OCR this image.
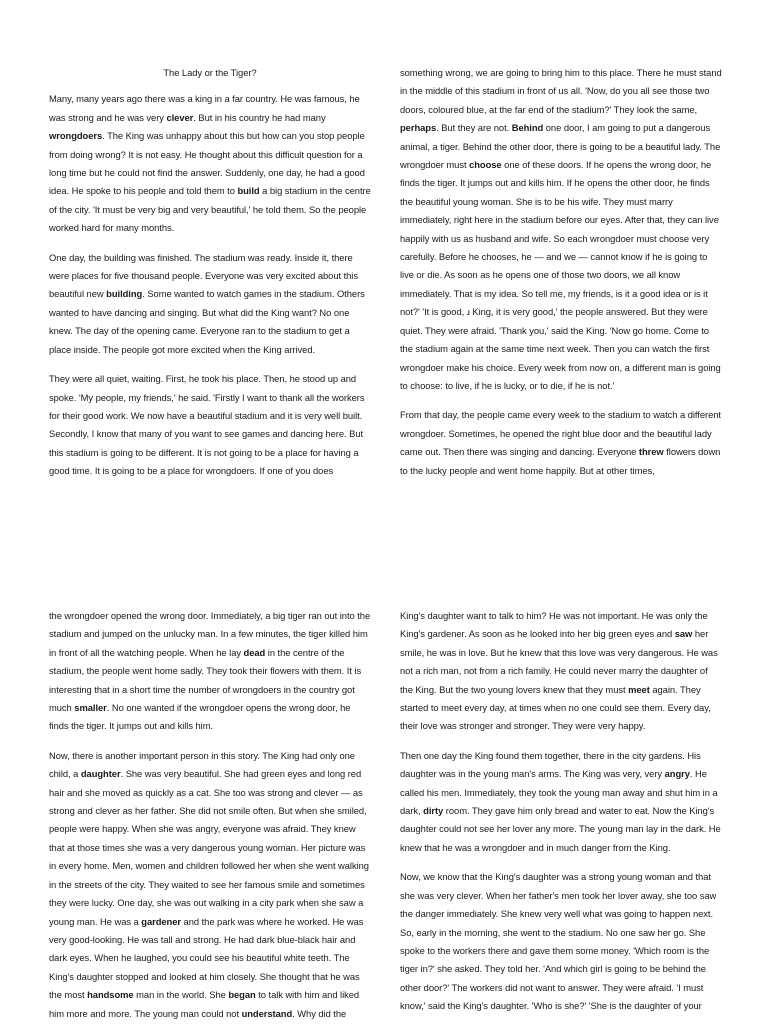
The Lady or the Tiger?

Many, many years ago there was a king in a far country. He was famous, he was strong and he was very clever. But in his country he had many wrongdoers. The King was unhappy about this but how can you stop people from doing wrong? It is not easy. He thought about this difficult question for a long time but he could not find the answer. Suddenly, one day, he had a good idea. He spoke to his people and told them to build a big stadium in the centre of the city. 'It must be very big and very beautiful,' he told them. So the people worked hard for many months.

One day, the building was finished. The stadium was ready. Inside it, there were places for five thousand people. Everyone was very excited about this beautiful new building. Some wanted to watch games in the stadium. Others wanted to have dancing and singing. But what did the King want? No one knew. The day of the opening came. Everyone ran to the stadium to get a place inside. The people got more excited when the King arrived.

They were all quiet, waiting. First, he took his place. Then, he stood up and spoke. 'My people, my friends,' he said. 'Firstly I want to thank all the workers for their good work. We now have a beautiful stadium and it is very well built. Secondly, I know that many of you want to see games and dancing here. But this stadium is going to be different. It is not going to be a place for having a good time. It is going to be a place for wrongdoers. If one of you does

something wrong, we are going to bring him to this place. There he must stand in the middle of this stadium in front of us all. 'Now, do you all see those two doors, coloured blue, at the far end of the stadium?' They look the same, perhaps. But they are not. Behind one door, I am going to put a dangerous animal, a tiger. Behind the other door, there is going to be a beautiful lady. The wrongdoer must choose one of these doors. If he opens the wrong door, he finds the tiger. It jumps out and kills him. If he opens the other door, he finds the beautiful young woman. She is to be his wife. They must marry immediately, right here in the stadium before our eyes. After that, they can live happily with us as husband and wife. So each wrongdoer must choose very carefully. Before he chooses, he — and we — cannot know if he is going to live or die. As soon as he opens one of those two doors, we all know immediately. That is my idea. So tell me, my friends, is it a good idea or is it not?' 'It is good, ɹ King, it is very good,' the people answered. But they were quiet. They were afraid. 'Thank you,' said the King. 'Now go home. Come to the stadium again at the same time next week. Then you can watch the first wrongdoer make his choice. Every week from now on, a different man is going to choose: to live, if he is lucky, or to die, if he is not.'

From that day, the people came every week to the stadium to watch a different wrongdoer. Sometimes, he opened the right blue door and the beautiful lady came out. Then there was singing and dancing. Everyone threw flowers down to the lucky people and went home happily. But at other times,

the wrongdoer opened the wrong door. Immediately, a big tiger ran out into the stadium and jumped on the unlucky man. In a few minutes, the tiger killed him in front of all the watching people. When he lay dead in the centre of the stadium, the people went home sadly. They took their flowers with them. It is interesting that in a short time the number of wrongdoers in the country got much smaller. No one wanted if the wrongdoer opens the wrong door, he finds the tiger. It jumps out and kills him.

Now, there is another important person in this story. The King had only one child, a daughter. She was very beautiful. She had green eyes and long red hair and she moved as quickly as a cat. She too was strong and clever — as strong and clever as her father. She did not smile often. But when she smiled, people were happy. When she was angry, everyone was afraid. They knew that at those times she was a very dangerous young woman. Her picture was in every home. Men, women and children followed her when she went walking in the streets of the city. They waited to see her famous smile and sometimes they were lucky. One day, she was out walking in a city park when she saw a young man. He was a gardener and the park was where he worked. He was very good-looking. He was tall and strong. He had dark blue-black hair and dark eyes. When he laughed, you could see his beautiful white teeth. The King's daughter stopped and looked at him closely. She thought that he was the most handsome man in the world. She began to talk with him and liked him more and more. The young man could not understand. Why did the

King's daughter want to talk to him? He was not important. He was only the King's gardener. As soon as he looked into her big green eyes and saw her smile, he was in love. But he knew that this love was very dangerous. He was not a rich man, not from a rich family. He could never marry the daughter of the King. But the two young lovers knew that they must meet again. They started to meet every day, at times when no one could see them. Every day, their love was stronger and stronger. They were very happy.

Then one day the King found them together, there in the city gardens. His daughter was in the young man's arms. The King was very, very angry. He called his men. Immediately, they took the young man away and shut him in a dark, dirty room. They gave him only bread and water to eat. Now the King's daughter could not see her lover any more. The young man lay in the dark. He knew that he was a wrongdoer and in much danger from the King.

Now, we know that the King's daughter was a strong young woman and that she was very clever. When her father's men took her lover away, she too saw the danger immediately. She knew very well what was going to happen next. So, early in the morning, she went to the stadium. No one saw her go. She spoke to the workers there and gave them some money. 'Which room is the tiger in?' she asked. They told her. 'And which girl is going to be behind the other door?' The workers did not want to answer. They were afraid. 'I must know,' said the King's daughter. 'Who is she?' 'She is the daughter of your
